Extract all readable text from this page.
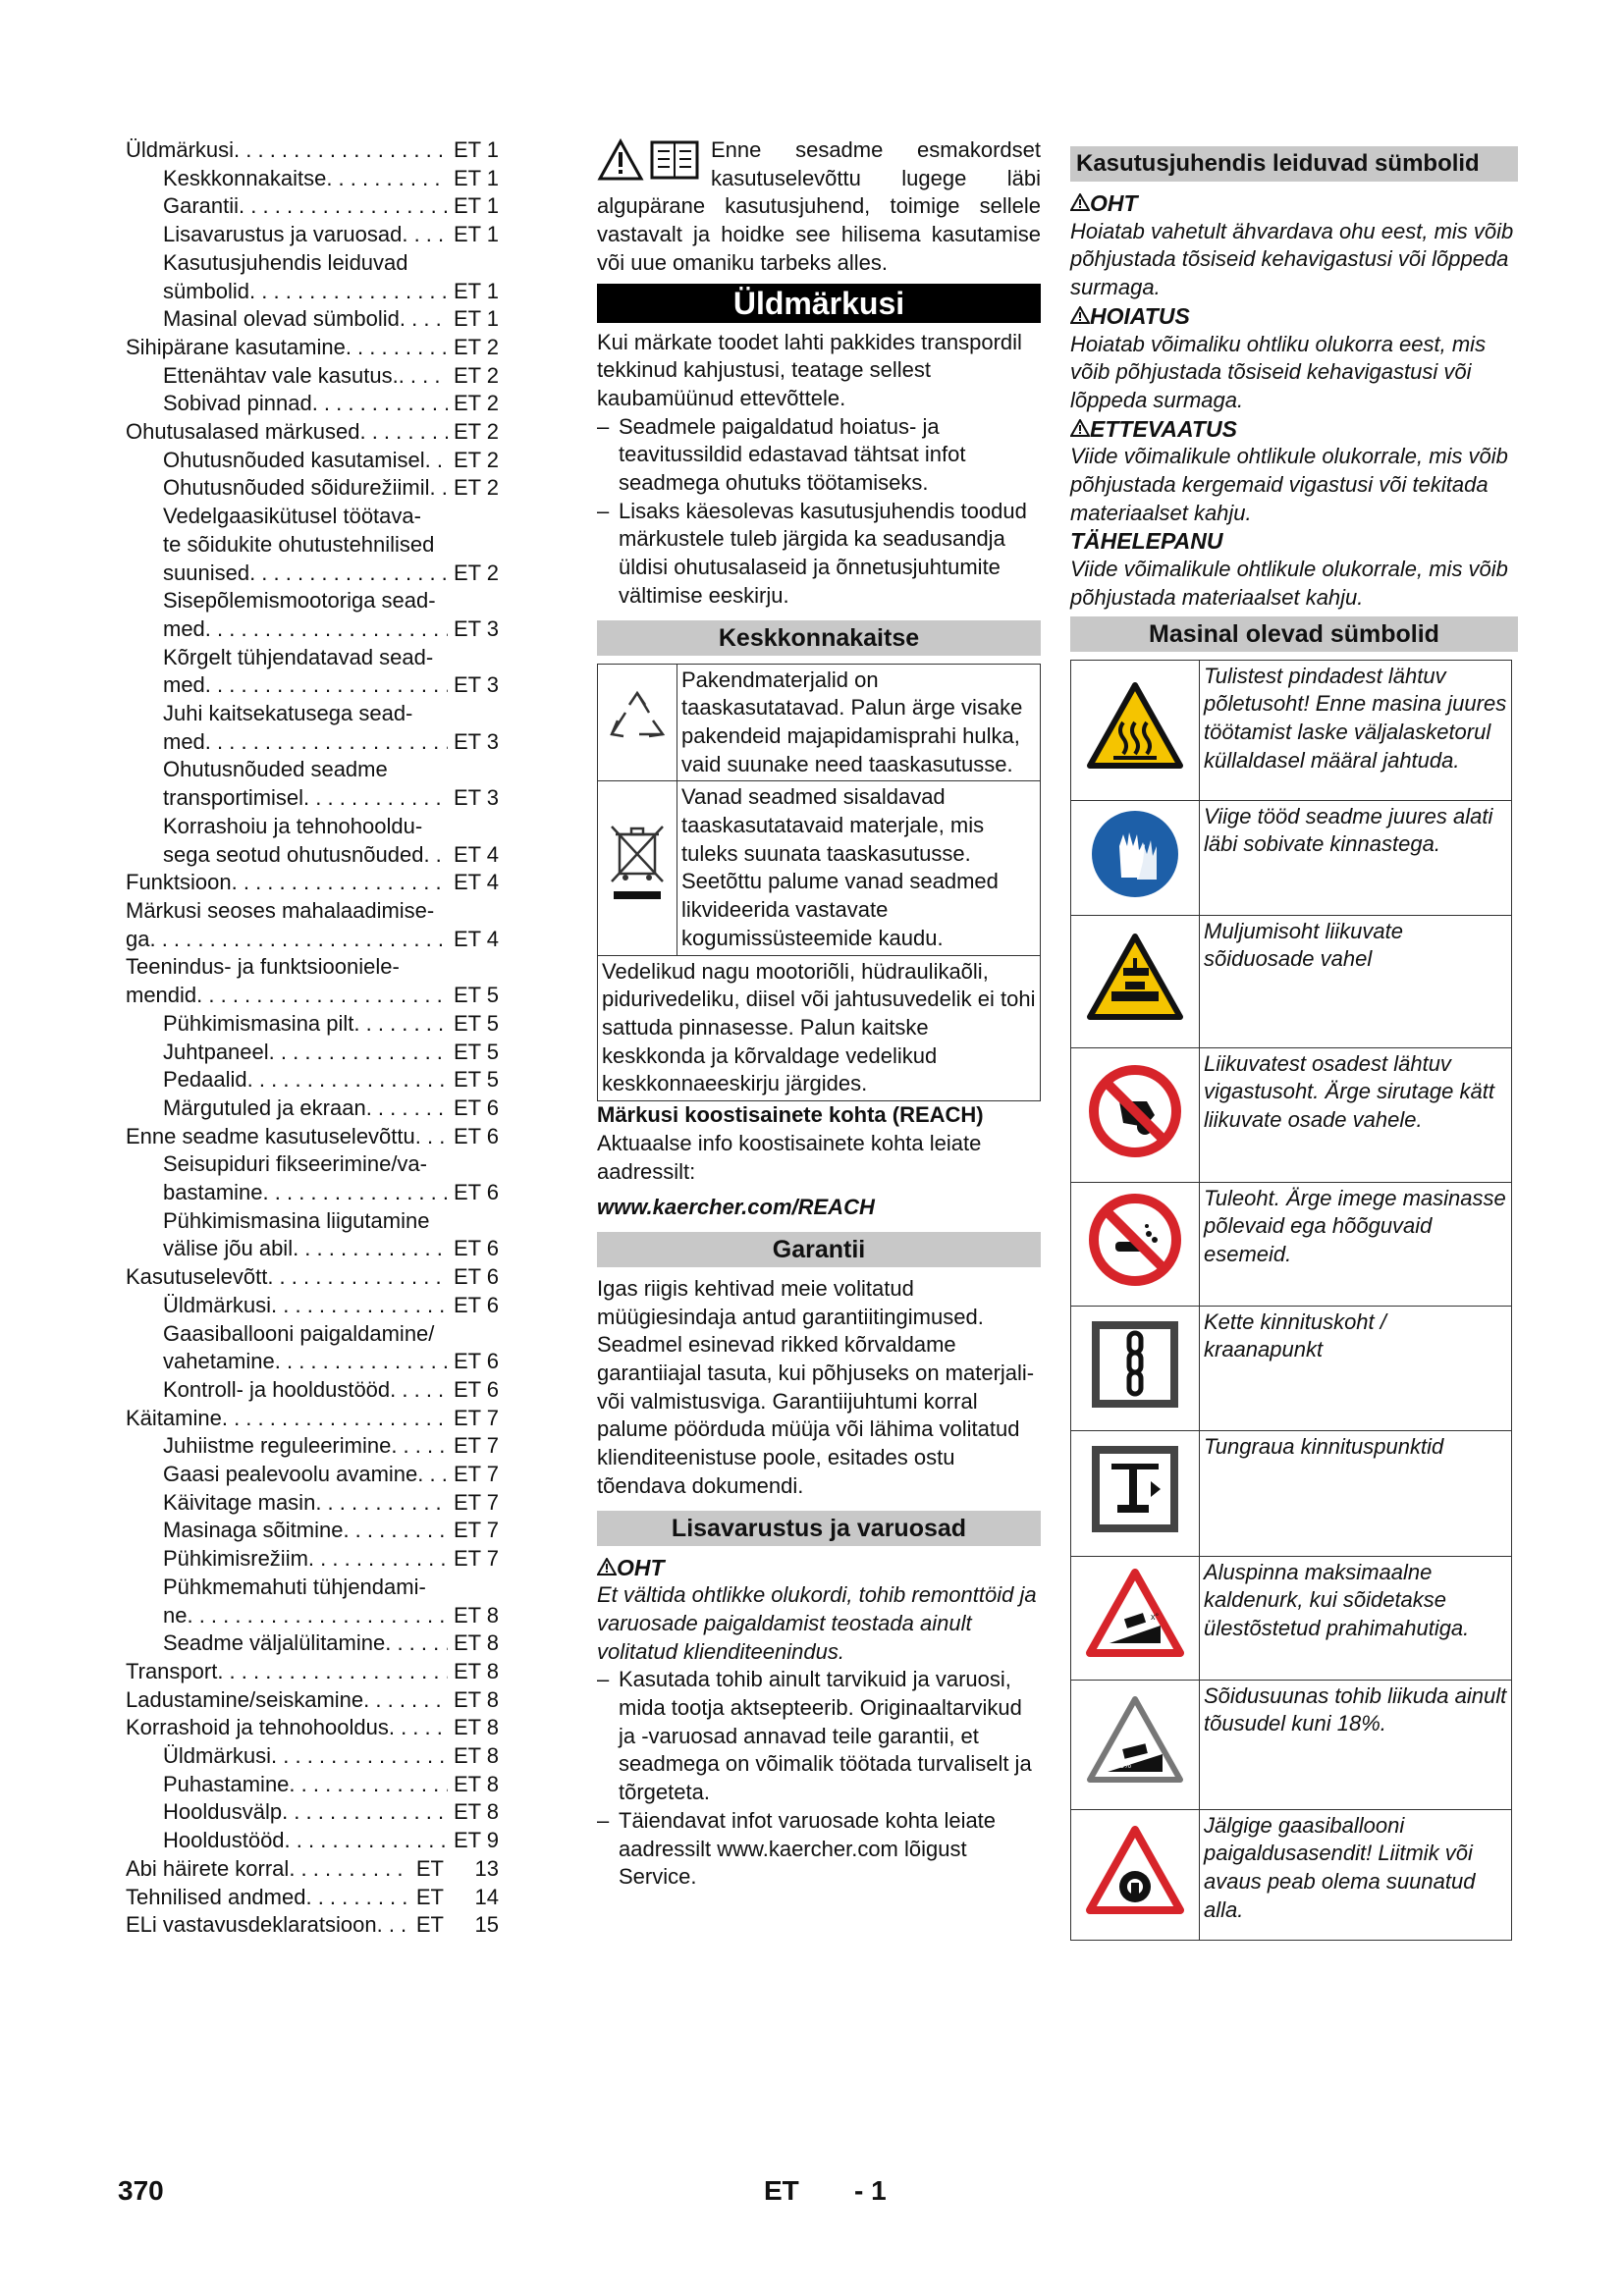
Üldmärkusi . . .	ET 1
Keskkonnakaitse . . .	ET 1
Garantii . . .	ET 1
Lisavarustus ja varuosad . . . ET 1
Kasutusjuhendis leiduvad
sümbolid . . .	ET 1
Masinal olevad sümbolid . . .	ET 1
Sihipärane kasutamine . . .	ET 2
Ettenähtav vale kasutus. . . .	ET 2
Sobivad pinnad . . .	ET 2
Ohutusalased märkused . . .	ET 2
Ohutusnõuded kasutamisel . . . ET 2
Ohutusnõuded sõidurežiimil . . . ET 2
Vedelgaasikütusel töötava-
te sõidukite ohutustehnilised
suunised . . .	ET 2
Sisepõlemismootoriga sead-
med . . .	ET 3
Kõrgelt tühjendatavad sead-
med . . .	ET 3
Juhi kaitsekatusega sead-
med . . .	ET 3
Ohutusnõuded seadme
transportimisel . . .	ET 3
Korrashoiu ja tehnohooldu-
sega seotud ohutusnõuded . . . ET 4
Funktsioon . . .	ET 4
Märkusi seoses mahalaadimise-
ga . . .	ET 4
Teenindus- ja funktsiooniele-
mendid . . .	ET 5
Pühkimismasina pilt . . .	ET 5
Juhtpaneel . . .	ET 5
Pedaalid . . .	ET 5
Märgutuled ja ekraan . . .	ET 6
Enne seadme kasutuselevõttu . . . ET 6
Seisupiduri fikseerimine/va-
bastamine . . .	ET 6
Pühkimismasina liigutamine
välise jõu abil . . .	ET 6
Kasutuselevõtt . . .	ET 6
Üldmärkusi . . .	ET 6
Gaasiballooni paigaldamine/
vahetamine . . .	ET 6
Kontroll- ja hooldustööd . . .	ET 6
Käitamine . . .	ET 7
Juhiistme reguleerimine . . .	ET 7
Gaasi pealevoolu avamine . . . ET 7
Käivitage masin . . .	ET 7
Masinaga sõitmine . . .	ET 7
Pühkimisrežiim . . .	ET 7
Pühkmemahuti tühjendami-
ne . . .	ET 8
Seadme väljalülitamine . . .	ET 8
Transport . . .	ET 8
Ladustamine/seiskamine . . .	ET 8
Korrashoid ja tehnohooldus . . .	ET 8
Üldmärkusi . . .	ET 8
Puhastamine . . .	ET 8
Hooldusvälp . . .	ET 8
Hooldustööd . . .	ET 9
Abi häirete korral . . .	ET	13
Tehnilised andmed . . .	ET	14
ELi vastavusdeklaratsioon . . . ET	15

Enne sesadme esmakordset kasutuselevõttu lugege läbi algupärane kasutusjuhend, toimige sellele vastavalt ja hoidke see hilisema kasutamise või uue omaniku tarbeks alles.

Üldmärkusi

Kui märkate toodet lahti pakkides transpordil tekkinud kahjustusi, teatage sellest kaubamüünud ettevõttele.

– Seadmele paigaldatud hoiatus- ja teavitussildid edastavad tähtsat infot seadmega ohutuks töötamiseks.
– Lisaks käesolevas kasutusjuhendis toodud märkustele tuleb järgida ka seadusandja üldisi ohutusalaseid ja õnnetusjuhtumite vältimise eeskirju.
Keskkonnakaitse
	Pakendmaterjalid on taaskasutatavad. Palun ärge visake pakendeid majapidamisprahi hulka, vaid suunake need taaskasutusse.
	Vanad seadmed sisaldavad taaskasutatavaid materjale, mis tuleks suunata taaskasutusse. Seetõttu palume vanad seadmed likvideerida vastavate kogumissüsteemide kaudu.
Vedelikud nagu mootoriõli, hüdraulikaõli, pidurivedeliku, diisel või jahtusuvedelik ei tohi sattuda pinnasesse. Palun kaitske keskkonda ja kõrvaldage vedelikud keskkonnaeeskirju järgides.	
Märkusi koostisainete kohta (REACH)
Aktuaalse info koostisainete kohta leiate aadressilt:
www.kaercher.com/REACH
Garantii

Igas riigis kehtivad meie volitatud müügiesindaja antud garantiitingimused. Seadmel esinevad rikked kõrvaldame garantiiajal tasuta, kui põhjuseks on materjali- või valmistusviga. Garantiijuhtumi korral palume pöörduda müüja või lähima volitatud klienditeenistuse poole, esitades ostu tõendava dokumendi.

Lisavarustus ja varuosad
OHT

Et vältida ohtlikke olukordi, tohib remonttöid ja varuosade paigaldamist teostada ainult volitatud klienditeenindus.

– Kasutada tohib ainult tarvikuid ja varuosi, mida tootja aktsepteerib. Originaaltarvikud ja -varuosad annavad teile garantii, et seadmega on võimalik töötada turvaliselt ja tõrgeteta.
– Täiendavat infot varuosade kohta leiate aadressilt www.kaercher.com lõigust Service.
Kasutusjuhendis leiduvad sümbolid
OHT
Hoiatab vahetult ähvardava ohu eest, mis võib põhjustada tõsiseid kehavigastusi või lõppeda surmaga.
HOIATUS
Hoiatab võimaliku ohtliku olukorra eest, mis võib põhjustada tõsiseid kehavigastusi või lõppeda surmaga.
ETTEVAATUS
Viide võimalikule ohtlikule olukorrale, mis võib põhjustada kergemaid vigastusi või tekitada materiaalset kahju.
TÄHELEPANU
Viide võimalikule ohtlikule olukorrale, mis võib põhjustada materiaalset kahju.
Masinal olevad sümbolid
	Tulistest pindadest lähtuv põletusoht! Enne masina juures töötamist laske väljalasketorul küllaldasel määral jahtuda.
	Viige tööd seadme juures alati läbi sobivate kinnastega.
	Muljumisoht liikuvate sõiduosade vahel
	Liikuvatest osadest lähtuv vigastusoht. Ärge sirutage kätt liikuvate osade vahele.
	Tuleoht. Ärge imege masinasse põlevaid ega hõõguvaid esemeid.
	Kette kinnituskoht / kraanapunkt
	Tungraua kinnituspunktid

x°	Aluspinna maksimaalne kaldenurk, kui sõidetakse ülestõstetud prahimahutiga.

18%	Sõidusuunas tohib liikuda ainult tõusudel kuni 18%.
	Jälgige gaasiballooni paigaldusasendit! Liitmik või avaus peab olema suunatud alla.
370	ET - 1
